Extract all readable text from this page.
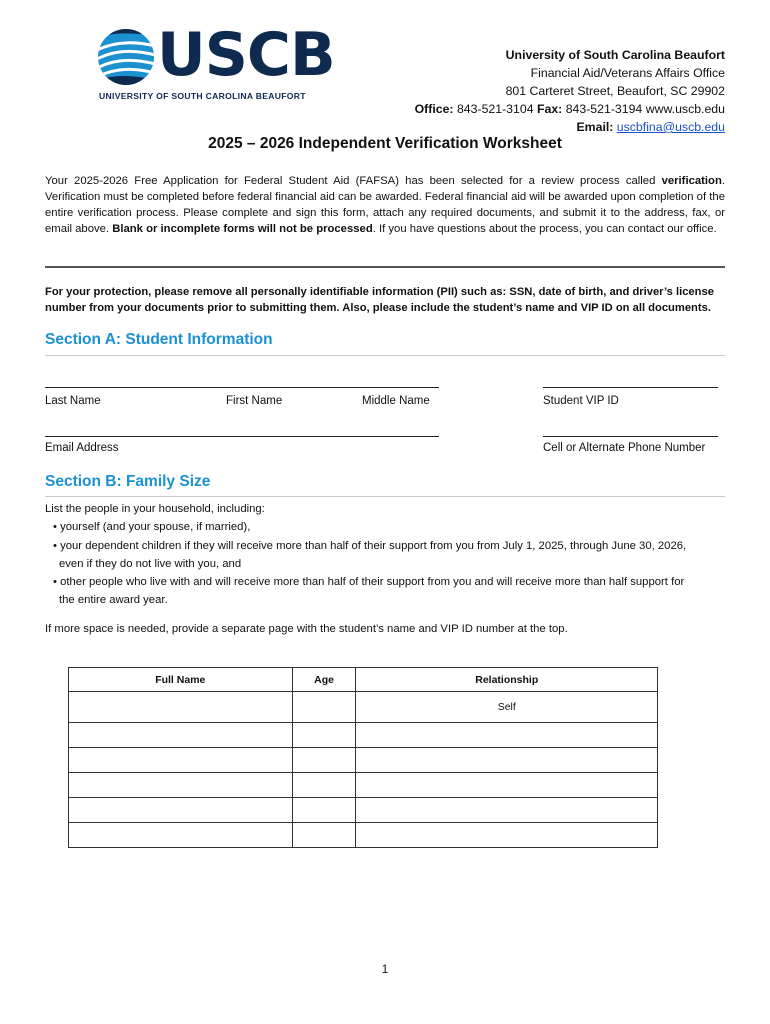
USCB
UNIVERSITY OF SOUTH CAROLINA BEAUFORT
University of South Carolina Beaufort
Financial Aid/Veterans Affairs Office
801 Carteret Street, Beaufort, SC 29902
Office: 843-521-3104 Fax: 843-521-3194 www.uscb.edu
Email: uscbfina@uscb.edu
2025 – 2026 Independent Verification Worksheet
Your 2025-2026 Free Application for Federal Student Aid (FAFSA) has been selected for a review process called verification. Verification must be completed before federal financial aid can be awarded. Federal financial aid will be awarded upon completion of the entire verification process. Please complete and sign this form, attach any required documents, and submit it to the address, fax, or email above. Blank or incomplete forms will not be processed. If you have questions about the process, you can contact our office.
For your protection, please remove all personally identifiable information (PII) such as: SSN, date of birth, and driver’s license number from your documents prior to submitting them. Also, please include the student’s name and VIP ID on all documents.
Section A: Student Information
Last Name	First Name	Middle Name	Student VIP ID
Email Address	Cell or Alternate Phone Number
Section B: Family Size
List the people in your household, including:
• yourself (and your spouse, if married),
• your dependent children if they will receive more than half of their support from you from July 1, 2025, through June 30, 2026,
even if they do not live with you, and
• other people who live with and will receive more than half of their support from you and will receive more than half support for
the entire award year.
If more space is needed, provide a separate page with the student’s name and VIP ID number at the top.
Full Name	Age	Relationship
		Self

1
